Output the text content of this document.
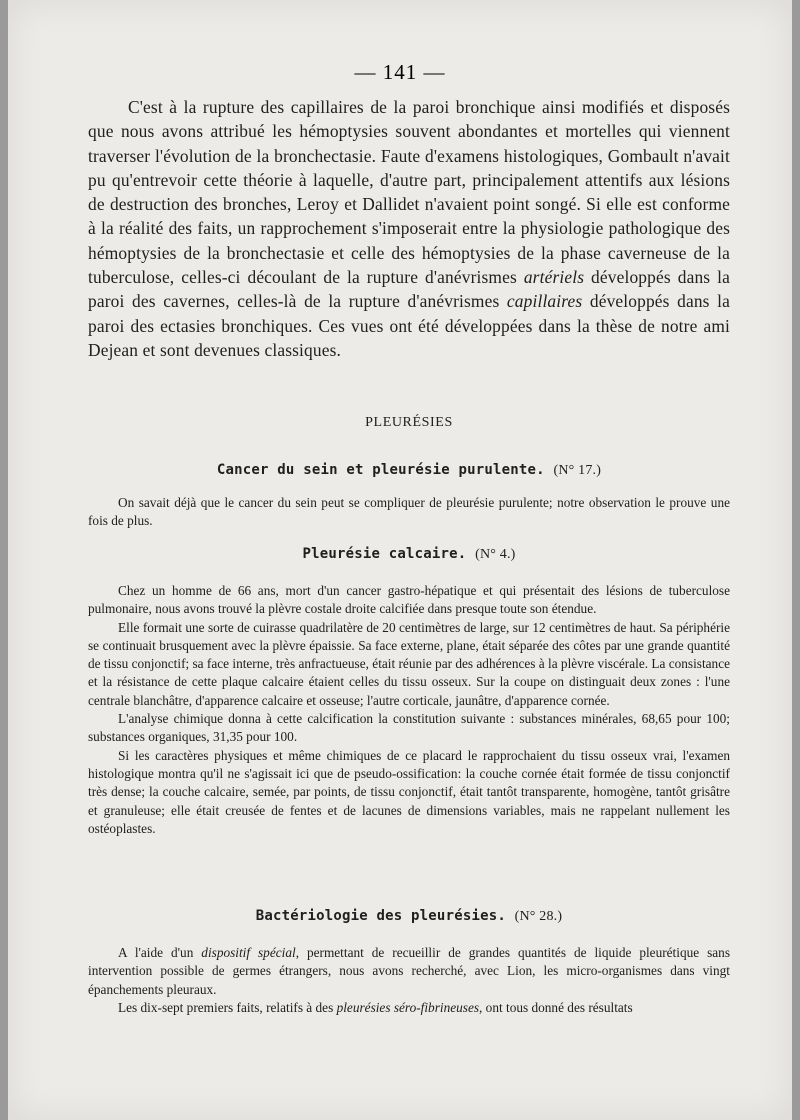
— 141 —
C'est à la rupture des capillaires de la paroi bronchique ainsi modifiés et disposés que nous avons attribué les hémoptysies souvent abondantes et mortelles qui viennent traverser l'évolution de la bronchectasie. Faute d'examens histologiques, Gombault n'avait pu qu'entrevoir cette théorie à laquelle, d'autre part, principalement attentifs aux lésions de destruction des bronches, Leroy et Dallidet n'avaient point songé. Si elle est conforme à la réalité des faits, un rapprochement s'imposerait entre la physiologie pathologique des hémoptysies de la bronchectasie et celle des hémoptysies de la phase caverneuse de la tuberculose, celles-ci découlant de la rupture d'anévrismes artériels développés dans la paroi des cavernes, celles-là de la rupture d'anévrismes capillaires développés dans la paroi des ectasies bronchiques. Ces vues ont été développées dans la thèse de notre ami Dejean et sont devenues classiques.
PLEURÉSIES
Cancer du sein et pleurésie purulente. (N° 17.)
On savait déjà que le cancer du sein peut se compliquer de pleurésie purulente; notre observation le prouve une fois de plus.
Pleurésie calcaire. (N° 4.)

Chez un homme de 66 ans, mort d'un cancer gastro-hépatique et qui présentait des lésions de tuberculose pulmonaire, nous avons trouvé la plèvre costale droite calcifiée dans presque toute son étendue.

Elle formait une sorte de cuirasse quadrilatère de 20 centimètres de large, sur 12 centimètres de haut. Sa périphérie se continuait brusquement avec la plèvre épaissie. Sa face externe, plane, était séparée des côtes par une grande quantité de tissu conjonctif; sa face interne, très anfractueuse, était réunie par des adhérences à la plèvre viscérale. La consistance et la résistance de cette plaque calcaire étaient celles du tissu osseux. Sur la coupe on distinguait deux zones : l'une centrale blanchâtre, d'apparence calcaire et osseuse; l'autre corticale, jaunâtre, d'apparence cornée.

L'analyse chimique donna à cette calcification la constitution suivante : substances minérales, 68,65 pour 100; substances organiques, 31,35 pour 100.

Si les caractères physiques et même chimiques de ce placard le rapprochaient du tissu osseux vrai, l'examen histologique montra qu'il ne s'agissait ici que de pseudo-ossification: la couche cornée était formée de tissu conjonctif très dense; la couche calcaire, semée, par points, de tissu conjonctif, était tantôt transparente, homogène, tantôt grisâtre et granuleuse; elle était creusée de fentes et de lacunes de dimensions variables, mais ne rappelant nullement les ostéoplastes.

Bactériologie des pleurésies. (N° 28.)

A l'aide d'un dispositif spécial, permettant de recueillir de grandes quantités de liquide pleurétique sans intervention possible de germes étrangers, nous avons recherché, avec Lion, les micro-organismes dans vingt épanchements pleuraux.

Les dix-sept premiers faits, relatifs à des pleurésies séro-fibrineuses, ont tous donné des résultats
